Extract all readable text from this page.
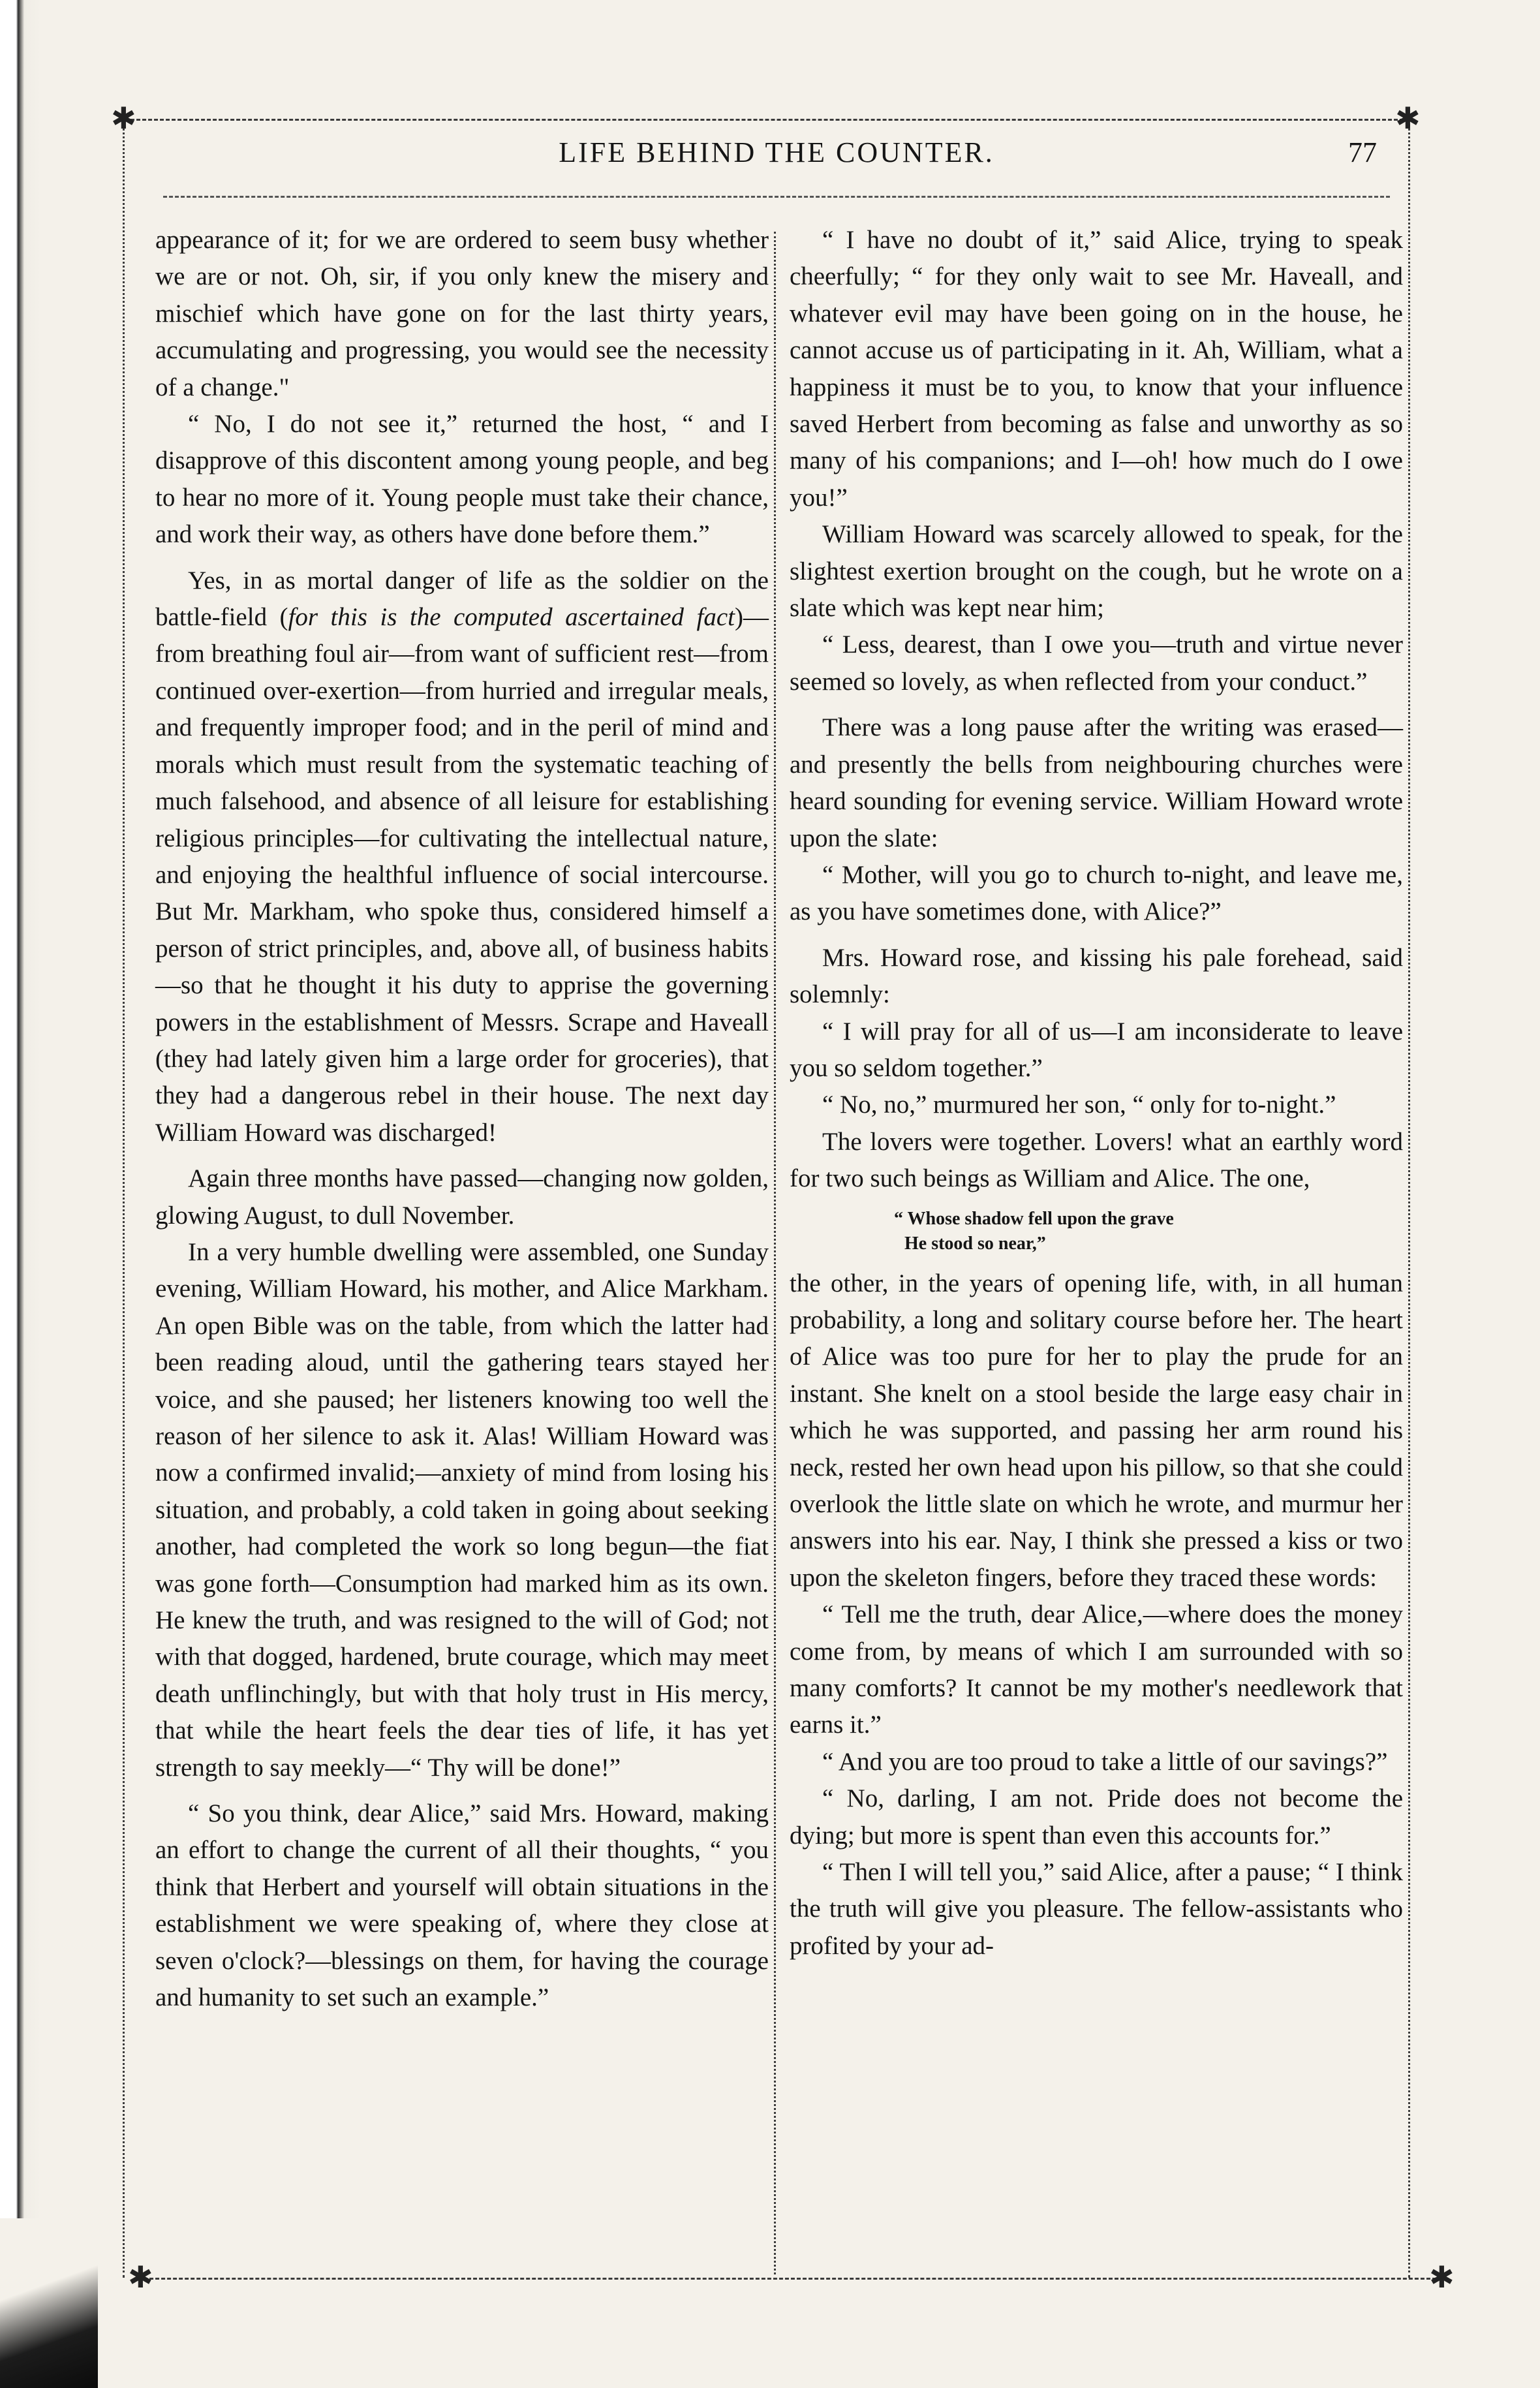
✱	✱
✱	✱
LIFE BEHIND THE COUNTER.	77

appearance of it; for we are ordered to seem busy whether we are or not. Oh, sir, if you only knew the misery and mischief which have gone on for the last thirty years, accumulating and progressing, you would see the necessity of a change."

“ No, I do not see it,” returned the host, “ and I disapprove of this discontent among young people, and beg to hear no more of it. Young people must take their chance, and work their way, as others have done before them.”

Yes, in as mortal danger of life as the soldier on the battle-field (for this is the computed ascertained fact)—from breathing foul air—from want of sufficient rest—from continued over-exertion—from hurried and irregular meals, and frequently improper food; and in the peril of mind and morals which must result from the systematic teaching of much falsehood, and absence of all leisure for establishing religious principles—for cultivating the intellectual nature, and enjoying the healthful influence of social intercourse. But Mr. Markham, who spoke thus, considered himself a person of strict principles, and, above all, of business habits—so that he thought it his duty to apprise the governing powers in the establishment of Messrs. Scrape and Haveall (they had lately given him a large order for groceries), that they had a dangerous rebel in their house. The next day William Howard was discharged!

Again three months have passed—changing now golden, glowing August, to dull November.

In a very humble dwelling were assembled, one Sunday evening, William Howard, his mother, and Alice Markham. An open Bible was on the table, from which the latter had been reading aloud, until the gathering tears stayed her voice, and she paused; her listeners knowing too well the reason of her silence to ask it. Alas! William Howard was now a confirmed invalid;—anxiety of mind from losing his situation, and probably, a cold taken in going about seeking another, had completed the work so long begun—the fiat was gone forth—Consumption had marked him as its own. He knew the truth, and was resigned to the will of God; not with that dogged, hardened, brute courage, which may meet death unflinchingly, but with that holy trust in His mercy, that while the heart feels the dear ties of life, it has yet strength to say meekly—“ Thy will be done!”

“ So you think, dear Alice,” said Mrs. Howard, making an effort to change the current of all their thoughts, “ you think that Herbert and yourself will obtain situations in the establishment we were speaking of, where they close at seven o'clock?—blessings on them, for having the courage and humanity to set such an example.”

“ I have no doubt of it,” said Alice, trying to speak cheerfully; “ for they only wait to see Mr. Haveall, and whatever evil may have been going on in the house, he cannot accuse us of participating in it. Ah, William, what a happiness it must be to you, to know that your influence saved Herbert from becoming as false and unworthy as so many of his companions; and I—oh! how much do I owe you!”

William Howard was scarcely allowed to speak, for the slightest exertion brought on the cough, but he wrote on a slate which was kept near him;

“ Less, dearest, than I owe you—truth and virtue never seemed so lovely, as when reflected from your conduct.”

There was a long pause after the writing was erased—and presently the bells from neighbouring churches were heard sounding for evening service. William Howard wrote upon the slate:

“ Mother, will you go to church to-night, and leave me, as you have sometimes done, with Alice?”

Mrs. Howard rose, and kissing his pale forehead, said solemnly:

“ I will pray for all of us—I am inconsiderate to leave you so seldom together.”

“ No, no,” murmured her son, “ only for to-night.”

The lovers were together. Lovers! what an earthly word for two such beings as William and Alice. The one,

“ Whose shadow fell upon the grave
He stood so near,”

the other, in the years of opening life, with, in all human probability, a long and solitary course before her. The heart of Alice was too pure for her to play the prude for an instant. She knelt on a stool beside the large easy chair in which he was supported, and passing her arm round his neck, rested her own head upon his pillow, so that she could overlook the little slate on which he wrote, and murmur her answers into his ear. Nay, I think she pressed a kiss or two upon the skeleton fingers, before they traced these words:

“ Tell me the truth, dear Alice,—where does the money come from, by means of which I am surrounded with so many comforts? It cannot be my mother's needlework that earns it.”

“ And you are too proud to take a little of our savings?”

“ No, darling, I am not. Pride does not become the dying; but more is spent than even this accounts for.”

“ Then I will tell you,” said Alice, after a pause; “ I think the truth will give you pleasure. The fellow-assistants who profited by your ad-
